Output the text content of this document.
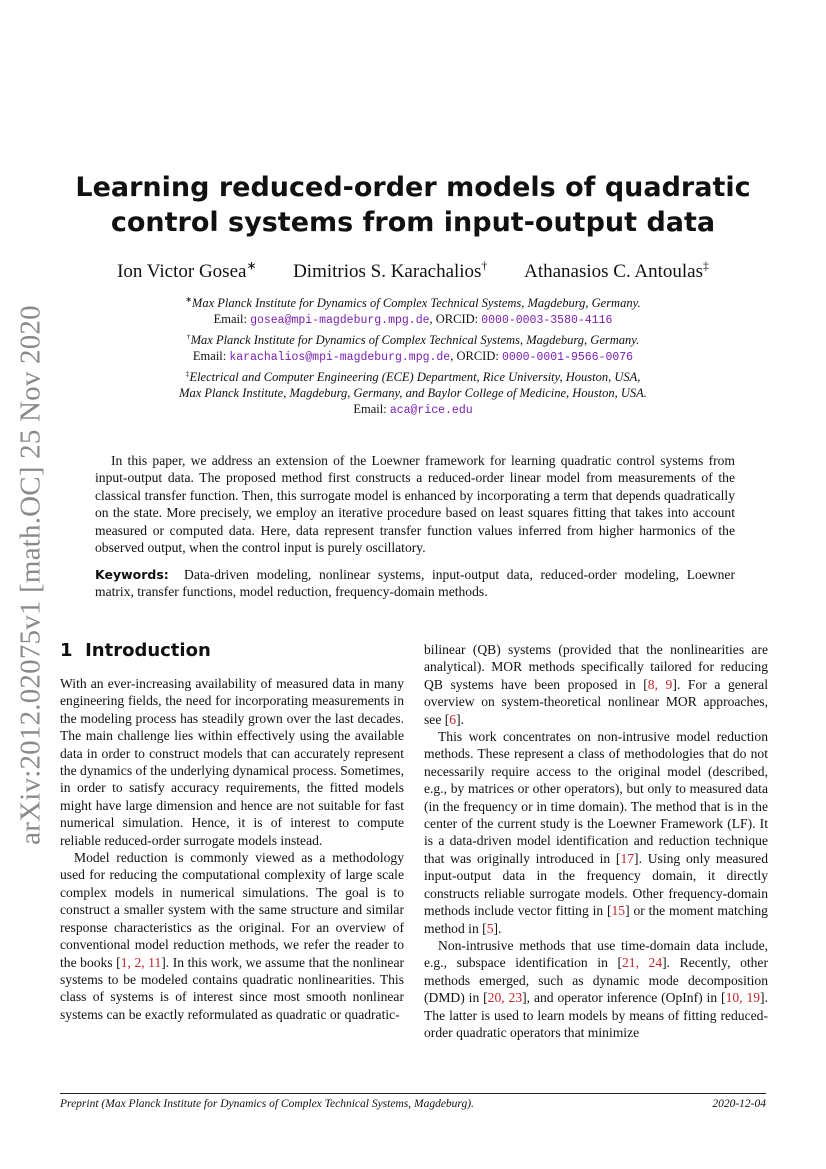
arXiv:2012.02075v1 [math.OC] 25 Nov 2020
Learning reduced-order models of quadratic control systems from input-output data
Ion Victor Gosea∗ Dimitrios S. Karachalios† Athanasios C. Antoulas‡
∗Max Planck Institute for Dynamics of Complex Technical Systems, Magdeburg, Germany.
Email: gosea@mpi-magdeburg.mpg.de, ORCID: 0000-0003-3580-4116
†Max Planck Institute for Dynamics of Complex Technical Systems, Magdeburg, Germany.
Email: karachalios@mpi-magdeburg.mpg.de, ORCID: 0000-0001-9566-0076
‡Electrical and Computer Engineering (ECE) Department, Rice University, Houston, USA,
Max Planck Institute, Magdeburg, Germany, and Baylor College of Medicine, Houston, USA.
Email: aca@rice.edu

In this paper, we address an extension of the Loewner framework for learning quadratic control systems from input-output data. The proposed method first constructs a reduced-order linear model from measurements of the classical transfer function. Then, this surrogate model is enhanced by incorporating a term that depends quadratically on the state. More precisely, we employ an iterative procedure based on least squares fitting that takes into account measured or computed data. Here, data represent transfer function values inferred from higher harmonics of the observed output, when the control input is purely oscillatory.

Keywords: Data-driven modeling, nonlinear systems, input-output data, reduced-order modeling, Loewner matrix, transfer functions, model reduction, frequency-domain methods.

1 Introduction

With an ever-increasing availability of measured data in many engineering fields, the need for incorporating measurements in the modeling process has steadily grown over the last decades. The main challenge lies within effectively using the available data in order to construct models that can accurately represent the dynamics of the underlying dynamical process. Sometimes, in order to satisfy accuracy requirements, the fitted models might have large dimension and hence are not suitable for fast numerical simulation. Hence, it is of interest to compute reliable reduced-order surrogate models instead.

Model reduction is commonly viewed as a methodology used for reducing the computational complexity of large scale complex models in numerical simulations. The goal is to construct a smaller system with the same structure and similar response characteristics as the original. For an overview of conventional model reduction methods, we refer the reader to the books [1, 2, 11]. In this work, we assume that the nonlinear systems to be modeled contains quadratic nonlinearities. This class of systems is of interest since most smooth nonlinear systems can be exactly reformulated as quadratic or quadratic-

bilinear (QB) systems (provided that the nonlinearities are analytical). MOR methods specifically tailored for reducing QB systems have been proposed in [8, 9]. For a general overview on system-theoretical nonlinear MOR approaches, see [6].

This work concentrates on non-intrusive model reduction methods. These represent a class of methodologies that do not necessarily require access to the original model (described, e.g., by matrices or other operators), but only to measured data (in the frequency or in time domain). The method that is in the center of the current study is the Loewner Framework (LF). It is a data-driven model identification and reduction technique that was originally introduced in [17]. Using only measured input-output data in the frequency domain, it directly constructs reliable surrogate models. Other frequency-domain methods include vector fitting in [15] or the moment matching method in [5].

Non-intrusive methods that use time-domain data include, e.g., subspace identification in [21, 24]. Recently, other methods emerged, such as dynamic mode decomposition (DMD) in [20, 23], and operator inference (OpInf) in [10, 19]. The latter is used to learn models by means of fitting reduced-order quadratic operators that minimize

Preprint (Max Planck Institute for Dynamics of Complex Technical Systems, Magdeburg).	2020-12-04
